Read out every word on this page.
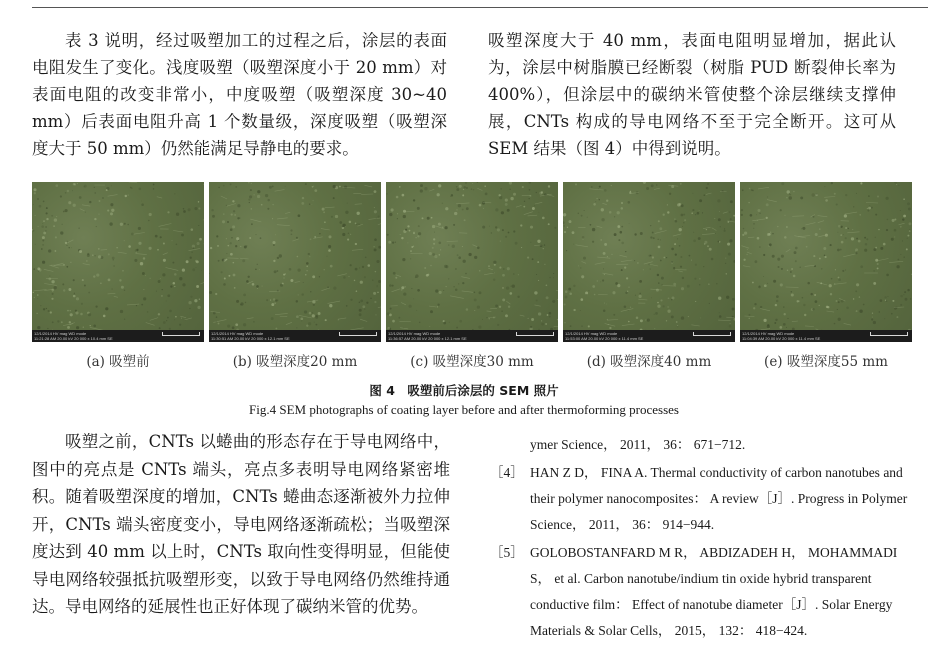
表 3 说明，经过吸塑加工的过程之后，涂层的表面电阻发生了变化。浅度吸塑（吸塑深度小于 20 mm）对表面电阻的改变非常小，中度吸塑（吸塑深度 30~40 mm）后表面电阻升高 1 个数量级，深度吸塑（吸塑深度大于 50 mm）仍然能满足导静电的要求。

吸塑深度大于 40 mm，表面电阻明显增加，据此认为，涂层中树脂膜已经断裂（树脂 PUD 断裂伸长率为 400%），但涂层中的碳纳米管使整个涂层继续支撑伸展，CNTs 构成的导电网络不至于完全断开。这可从 SEM 结果（图 4）中得到说明。

12/1/2014 HV mag WD mode
11:21:28 AM 20.00 kV 20 000 x 10.4 mm SE
12/1/2014 HV mag WD mode
11:30:51 AM 20.00 kV 20 000 x 12.1 mm SE
12/1/2014 HV mag WD mode
11:36:57 AM 20.00 kV 20 000 x 12.1 mm SE
12/1/2014 HV mag WD mode
11:53:00 AM 20.00 kV 20 000 x 11.4 mm SE
12/1/2014 HV mag WD mode
11:04:39 AM 20.00 kV 20 000 x 11.4 mm SE
(a) 吸塑前	(b) 吸塑深度20 mm	(c) 吸塑深度30 mm	(d) 吸塑深度40 mm	(e) 吸塑深度55 mm
图 4　吸塑前后涂层的 SEM 照片
Fig.4 SEM photographs of coating layer before and after thermoforming processes

吸塑之前，CNTs 以蜷曲的形态存在于导电网络中，图中的亮点是 CNTs 端头，亮点多表明导电网络紧密堆积。随着吸塑深度的增加，CNTs 蜷曲态逐渐被外力拉伸开，CNTs 端头密度变小，导电网络逐渐疏松；当吸塑深度达到 40 mm 以上时，CNTs 取向性变得明显，但能使导电网络较强抵抗吸塑形变，以致于导电网络仍然维持通达。导电网络的延展性也正好体现了碳纳米管的优势。

ymer Science， 2011， 36： 671−712.
［4］ HAN Z D， FINA A. Thermal conductivity of carbon nanotubes and their polymer nanocomposites： A review［J］. Progress in Polymer Science， 2011， 36： 914−944.
［5］ GOLOBOSTANFARD M R， ABDIZADEH H， MOHAMMADI S， et al. Carbon nanotube/indium tin oxide hybrid transparent conductive film： Effect of nanotube diameter［J］. Solar Energy Materials & Solar Cells， 2015， 132： 418−424.
